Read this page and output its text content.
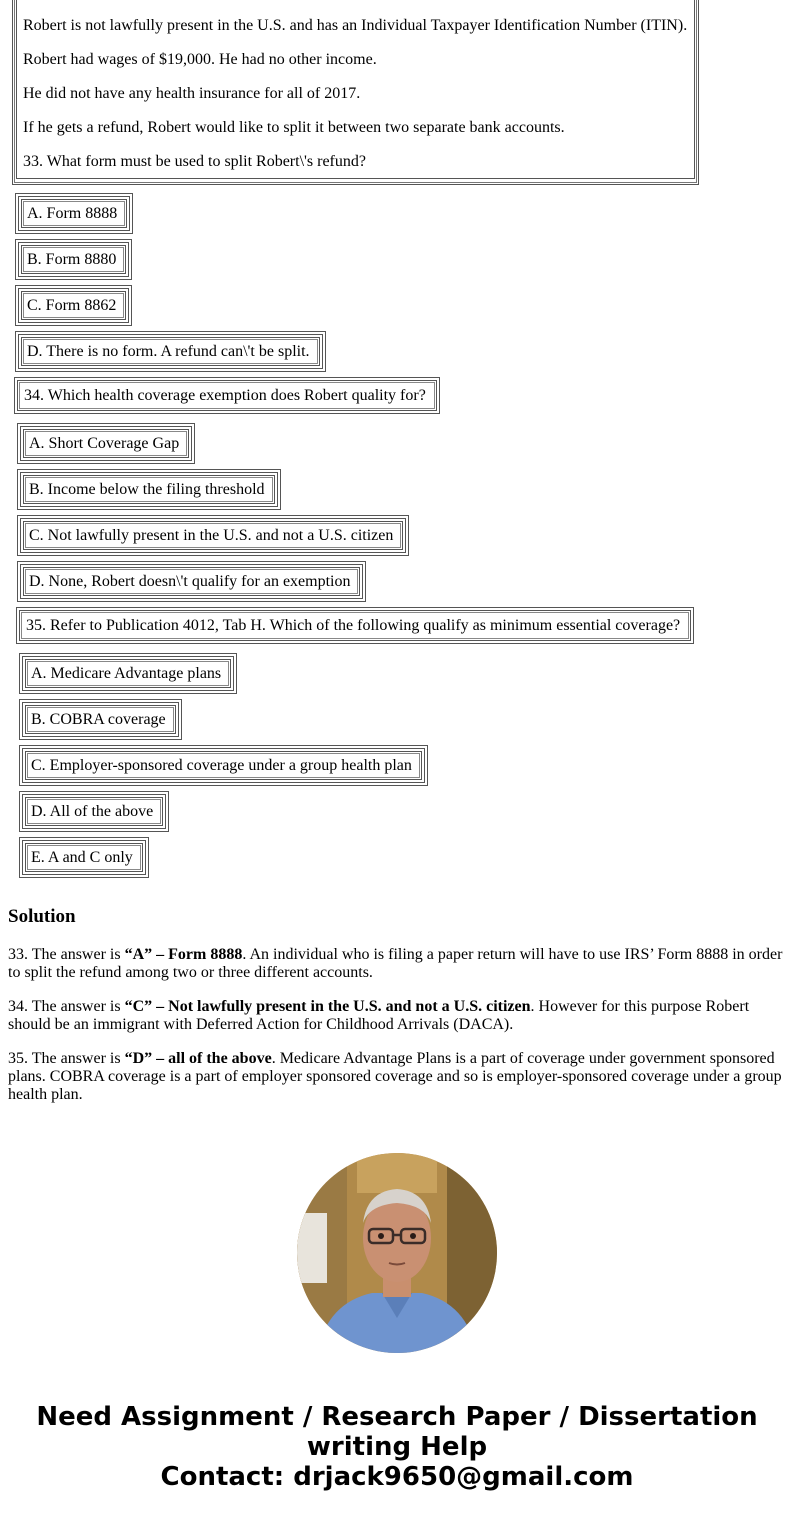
Robert is not lawfully present in the U.S. and has an Individual Taxpayer Identification Number (ITIN).

Robert had wages of $19,000. He had no other income.

He did not have any health insurance for all of 2017.

If he gets a refund, Robert would like to split it between two separate bank accounts.

33. What form must be used to split Robert\'s refund?

A. Form 8888
B. Form 8880
C. Form 8862
D. There is no form. A refund can\'t be split.
34. Which health coverage exemption does Robert quality for?
A. Short Coverage Gap
B. Income below the filing threshold
C. Not lawfully present in the U.S. and not a U.S. citizen
D. None, Robert doesn\'t qualify for an exemption
35. Refer to Publication 4012, Tab H. Which of the following qualify as minimum essential coverage?
A. Medicare Advantage plans
B. COBRA coverage
C. Employer-sponsored coverage under a group health plan
D. All of the above
E. A and C only
Solution

33. The answer is “A” – Form 8888. An individual who is filing a paper return will have to use IRS’ Form 8888 in order to split the refund among two or three different accounts.

34. The answer is “C” – Not lawfully present in the U.S. and not a U.S. citizen. However for this purpose Robert should be an immigrant with Deferred Action for Childhood Arrivals (DACA).

35. The answer is “D” – all of the above. Medicare Advantage Plans is a part of coverage under government sponsored plans. COBRA coverage is a part of employer sponsored coverage and so is employer-sponsored coverage under a group health plan.

Need Assignment / Research Paper / Dissertation
writing Help
Contact: drjack9650@gmail.com
